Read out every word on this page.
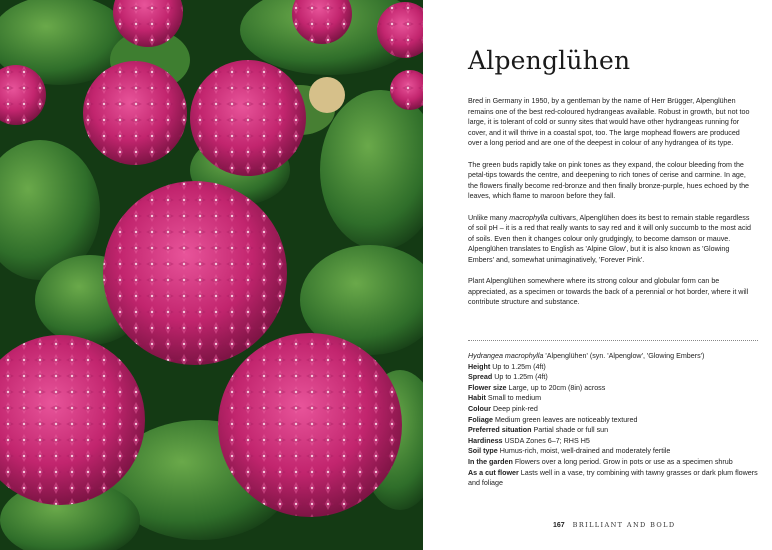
Alpenglühen

Bred in Germany in 1950, by a gentleman by the name of Herr Brügger, Alpenglühen remains one of the best red-coloured hydrangeas available. Robust in growth, but not too large, it is tolerant of cold or sunny sites that would have other hydrangeas running for cover, and it will thrive in a coastal spot, too. The large mophead flowers are produced over a long period and are one of the deepest in colour of any hydrangea of its type.

The green buds rapidly take on pink tones as they expand, the colour bleeding from the petal-tips towards the centre, and deepening to rich tones of cerise and carmine. In age, the flowers finally become red-bronze and then finally bronze-purple, hues echoed by the leaves, which flame to maroon before they fall.

Unlike many macrophylla cultivars, Alpenglühen does its best to remain stable regardless of soil pH – it is a red that really wants to say red and it will only succumb to the most acid of soils. Even then it changes colour only grudgingly, to become damson or mauve. Alpenglühen translates to English as 'Alpine Glow', but it is also known as 'Glowing Embers' and, somewhat unimaginatively, 'Forever Pink'.

Plant Alpenglühen somewhere where its strong colour and globular form can be appreciated, as a specimen or towards the back of a perennial or hot border, where it will contribute structure and substance.

Hydrangea macrophylla 'Alpenglühen' (syn. 'Alpenglow', 'Glowing Embers')

Height Up to 1.25m (4ft)

Spread Up to 1.25m (4ft)

Flower size Large, up to 20cm (8in) across

Habit Small to medium

Colour Deep pink-red

Foliage Medium green leaves are noticeably textured

Preferred situation Partial shade or full sun

Hardiness USDA Zones 6–7; RHS H5

Soil type Humus-rich, moist, well-drained and moderately fertile

In the garden Flowers over a long period. Grow in pots or use as a specimen shrub

As a cut flower Lasts well in a vase, try combining with tawny grasses or dark plum flowers and foliage

167 BRILLIANT AND BOLD
